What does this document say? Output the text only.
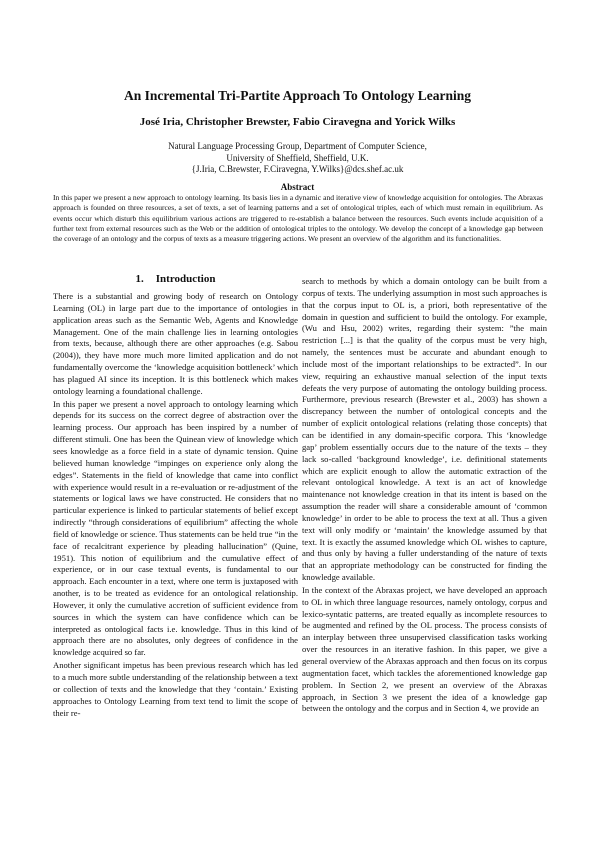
An Incremental Tri-Partite Approach To Ontology Learning
José Iria, Christopher Brewster, Fabio Ciravegna and Yorick Wilks
Natural Language Processing Group, Department of Computer Science,
University of Sheffield, Sheffield, U.K.
{J.Iria, C.Brewster, F.Ciravegna, Y.Wilks}@dcs.shef.ac.uk
Abstract
In this paper we present a new approach to ontology learning. Its basis lies in a dynamic and iterative view of knowledge acquisition for ontologies. The Abraxas approach is founded on three resources, a set of texts, a set of learning patterns and a set of ontological triples, each of which must remain in equilibrium. As events occur which disturb this equilibrium various actions are triggered to re-establish a balance between the resources. Such events include acquisition of a further text from external resources such as the Web or the addition of ontological triples to the ontology. We develop the concept of a knowledge gap between the coverage of an ontology and the corpus of texts as a measure triggering actions. We present an overview of the algorithm and its functionalities.
1. Introduction

There is a substantial and growing body of research on Ontology Learning (OL) in large part due to the importance of ontologies in application areas such as the Semantic Web, Agents and Knowledge Management. One of the main challenge lies in learning ontologies from texts, because, although there are other approaches (e.g. Sabou (2004)), they have more much more limited application and do not fundamentally overcome the ‘knowledge acquisition bottleneck’ which has plagued AI since its inception. It is this bottleneck which makes ontology learning a foundational challenge.

In this paper we present a novel approach to ontology learning which depends for its success on the correct degree of abstraction over the learning process. Our approach has been inspired by a number of different stimuli. One has been the Quinean view of knowledge which sees knowledge as a force field in a state of dynamic tension. Quine believed human knowledge “impinges on experience only along the edges”. Statements in the field of knowledge that came into conflict with experience would result in a re-evaluation or re-adjustment of the statements or logical laws we have constructed. He considers that no particular experience is linked to particular statements of belief except indirectly “through considerations of equilibrium” affecting the whole field of knowledge or science. Thus statements can be held true “in the face of recalcitrant experience by pleading hallucination” (Quine, 1951). This notion of equilibrium and the cumulative effect of experience, or in our case textual events, is fundamental to our approach. Each encounter in a text, where one term is juxtaposed with another, is to be treated as evidence for an ontological relationship. However, it only the cumulative accretion of sufficient evidence from sources in which the system can have confidence which can be interpreted as ontological facts i.e. knowledge. Thus in this kind of approach there are no absolutes, only degrees of confidence in the knowledge acquired so far.

Another significant impetus has been previous research which has led to a much more subtle understanding of the relationship between a text or collection of texts and the knowledge that they ‘contain.’ Existing approaches to Ontology Learning from text tend to limit the scope of their re-

search to methods by which a domain ontology can be built from a corpus of texts. The underlying assumption in most such approaches is that the corpus input to OL is, a priori, both representative of the domain in question and sufficient to build the ontology. For example, (Wu and Hsu, 2002) writes, regarding their system: ”the main restriction [...] is that the quality of the corpus must be very high, namely, the sentences must be accurate and abundant enough to include most of the important relationships to be extracted”. In our view, requiring an exhaustive manual selection of the input texts defeats the very purpose of automating the ontology building process. Furthermore, previous research (Brewster et al., 2003) has shown a discrepancy between the number of ontological concepts and the number of explicit ontological relations (relating those concepts) that can be identified in any domain-specific corpora. This ‘knowledge gap’ problem essentially occurs due to the nature of the texts – they lack so-called ‘background knowledge’, i.e. definitional statements which are explicit enough to allow the automatic extraction of the relevant ontological knowledge. A text is an act of knowledge maintenance not knowledge creation in that its intent is based on the assumption the reader will share a considerable amount of ‘common knowledge’ in order to be able to process the text at all. Thus a given text will only modify or ‘maintain’ the knowledge assumed by that text. It is exactly the assumed knowledge which OL wishes to capture, and thus only by having a fuller understanding of the nature of texts that an appropriate methodology can be constructed for finding the knowledge available.

In the context of the Abraxas project, we have developed an approach to OL in which three language resources, namely ontology, corpus and lexico-syntatic patterns, are treated equally as incomplete resources to be augmented and refined by the OL process. The process consists of an interplay between three unsupervised classification tasks working over the resources in an iterative fashion. In this paper, we give a general overview of the Abraxas approach and then focus on its corpus augmentation facet, which tackles the aforementioned knowledge gap problem. In Section 2, we present an overview of the Abraxas approach, in Section 3 we present the idea of a knowledge gap between the ontology and the corpus and in Section 4, we provide an
